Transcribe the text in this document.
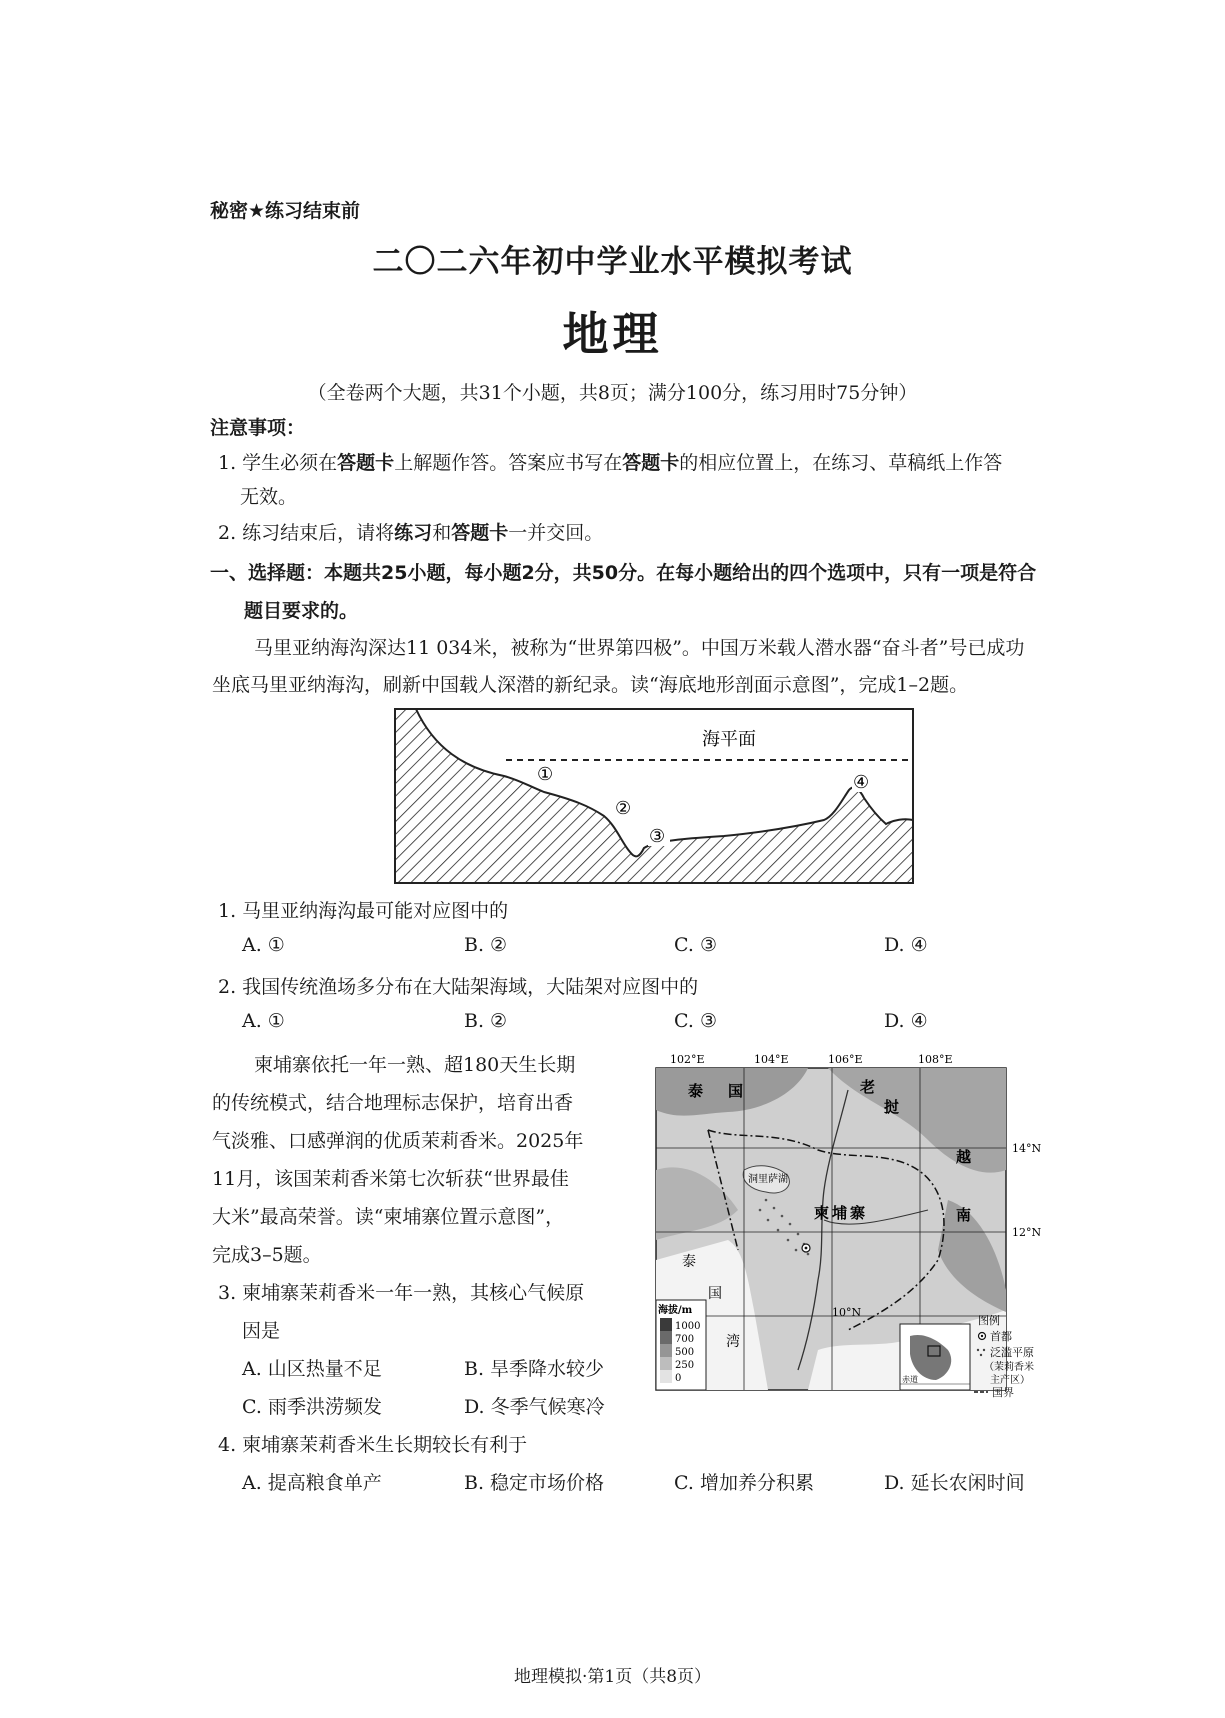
秘密★练习结束前
二〇二六年初中学业水平模拟考试
地理
（全卷两个大题，共31个小题，共8页；满分100分，练习用时75分钟）
注意事项：
1. 学生必须在答题卡上解题作答。答案应书写在答题卡的相应位置上，在练习、草稿纸上作答
无效。
2. 练习结束后，请将练习和答题卡一并交回。
一、选择题：本题共25小题，每小题2分，共50分。在每小题给出的四个选项中，只有一项是符合
题目要求的。
马里亚纳海沟深达11 034米，被称为“世界第四极”。中国万米载人潜水器“奋斗者”号已成功
坐底马里亚纳海沟，刷新中国载人深潜的新纪录。读“海底地形剖面示意图”，完成1–2题。
海平面
①
②
③
④
1. 马里亚纳海沟最可能对应图中的
A. ①	B. ②	C. ③	D. ④
2. 我国传统渔场多分布在大陆架海域，大陆架对应图中的
A. ①	B. ②	C. ③	D. ④
柬埔寨依托一年一熟、超180天生长期
的传统模式，结合地理标志保护，培育出香
气淡雅、口感弹润的优质茉莉香米。2025年
11月，该国茉莉香米第七次斩获“世界最佳
大米”最高荣誉。读“柬埔寨位置示意图”，
完成3–5题。
3. 柬埔寨茉莉香米一年一熟，其核心气候原
因是
A. 山区热量不足	B. 旱季降水较少
C. 雨季洪涝频发	D. 冬季气候寒冷
4. 柬埔寨茉莉香米生长期较长有利于
A. 提高粮食单产	B. 稳定市场价格	C. 增加养分积累	D. 延长农闲时间
102°E	104°E	106°E	108°E
14°N
12°N
10°N
泰 国	老
挝
越
南
柬 埔 寨
洞里萨湖
泰
国
湾
海拔/m
1000
700
500
250
0	赤道
图例
首都
泛滥平原
（茉莉香米
主产区）
国界
地理模拟·第1页（共8页）
